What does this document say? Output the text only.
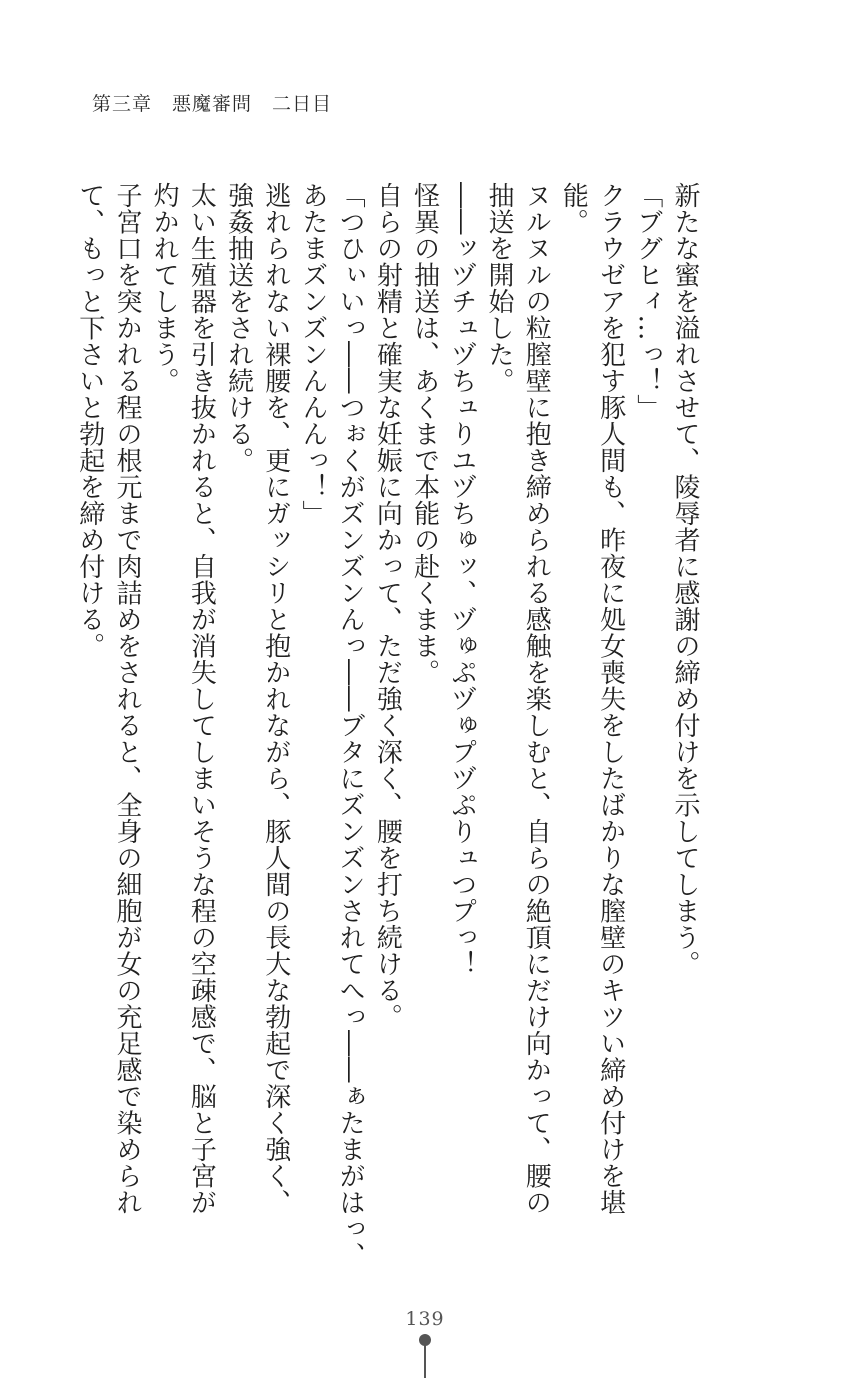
第三章　悪魔審問　二日目

新たな蜜を溢れさせて、陵辱者に感謝の締め付けを示してしまう。

「ブグヒィ…っ！」

クラウゼアを犯す豚人間も、昨夜に処女喪失をしたばかりな膣壁のキツい締め付けを堪

能。

ヌルヌルの粒膣壁に抱き締められる感触を楽しむと、自らの絶頂にだけ向かって、腰の

抽送を開始した。

――ッヅチュヅちュりユヅちゅッ、ヅゅぷヅゅプヅぷりュつプっ！

怪異の抽送は、あくまで本能の赴くまま。

自らの射精と確実な妊娠に向かって、ただ強く深く、腰を打ち続ける。

「つひぃいっ――つぉくがズンズンんっ――ブタにズンズンされてへっ――ぁたまがはっ、

あたまズンズンんんんっ！」

逃れられない裸腰を、更にガッシリと抱かれながら、豚人間の長大な勃起で深く強く、

強姦抽送をされ続ける。

太い生殖器を引き抜かれると、自我が消失してしまいそうな程の空疎感で、脳と子宮が

灼かれてしまう。

子宮口を突かれる程の根元まで肉詰めをされると、全身の細胞が女の充足感で染められ

て、もっと下さいと勃起を締め付ける。

139
